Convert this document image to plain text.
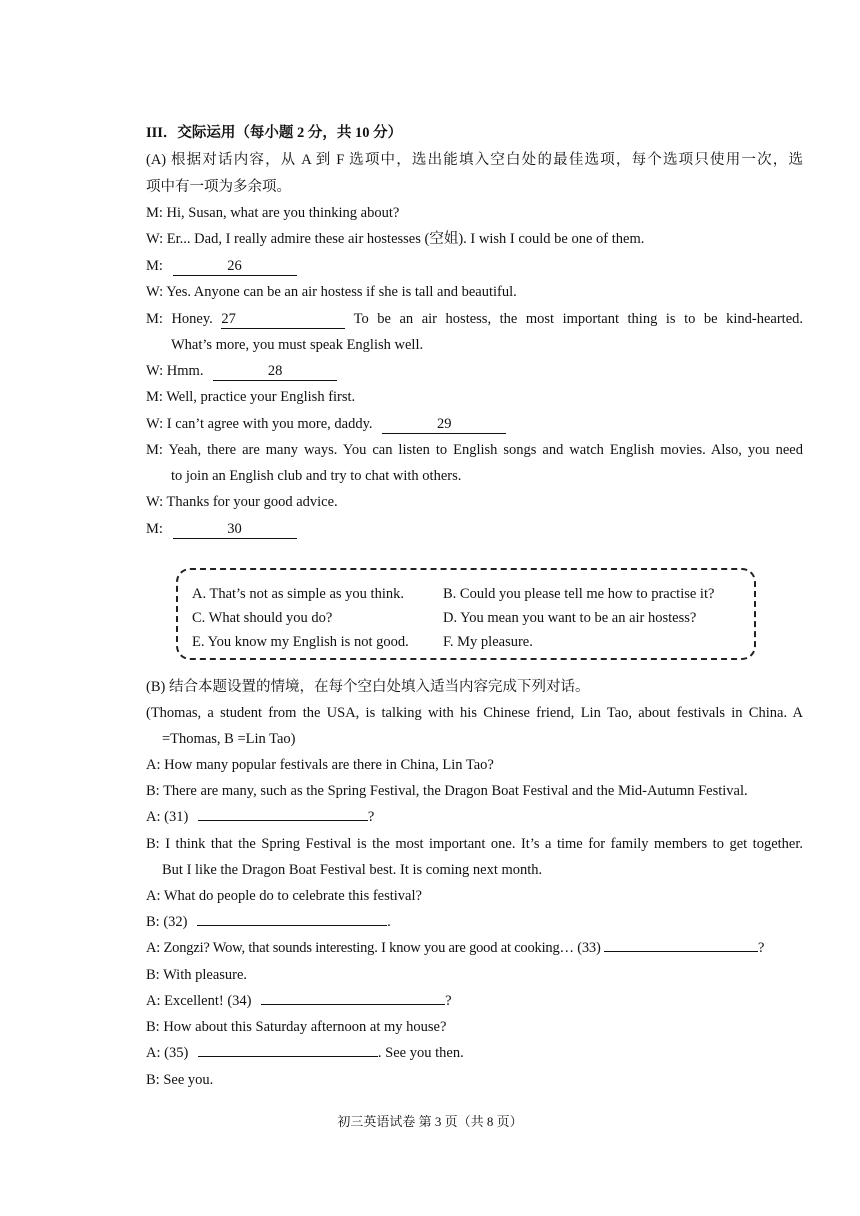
III．交际运用（每小题 2 分，共 10 分）
(A) 根据对话内容，从 A 到 F 选项中，选出能填入空白处的最佳选项，每个选项只使用一次，选
项中有一项为多余项。
M: Hi, Susan, what are you thinking about?
W: Er... Dad, I really admire these air hostesses (空姐). I wish I could be one of them.
M:	26
W: Yes. Anyone can be an air hostess if she is tall and beautiful.
M: Honey. 27	To be an air hostess, the most important thing is to be kind-hearted.
What’s more, you must speak English well.
W: Hmm.	28
M: Well, practice your English first.
W: I can’t agree with you more, daddy.	29
M: Yeah, there are many ways. You can listen to English songs and watch English movies. Also, you need
to join an English club and try to chat with others.
W: Thanks for your good advice.
M:	30
A. That’s not as simple as you think.	B. Could you please tell me how to practise it?
C. What should you do?	D. You mean you want to be an air hostess?
E. You know my English is not good. F. My pleasure.
(B) 结合本题设置的情境，在每个空白处填入适当内容完成下列对话。
(Thomas, a student from the USA, is talking with his Chinese friend, Lin Tao, about festivals in China. A
=Thomas, B =Lin Tao)
A: How many popular festivals are there in China, Lin Tao?
B: There are many, such as the Spring Festival, the Dragon Boat Festival and the Mid-Autumn Festival.
A: (31)	?
B: I think that the Spring Festival is the most important one. It’s a time for family members to get together.
But I like the Dragon Boat Festival best. It is coming next month.
A: What do people do to celebrate this festival?
B: (32)	.
A: Zongzi? Wow, that sounds interesting. I know you are good at cooking… (33)	?
B: With pleasure.
A: Excellent! (34)	?
B: How about this Saturday afternoon at my house?
A: (35)	. See you then.
B: See you.
初三英语试卷 第 3 页（共 8 页）
